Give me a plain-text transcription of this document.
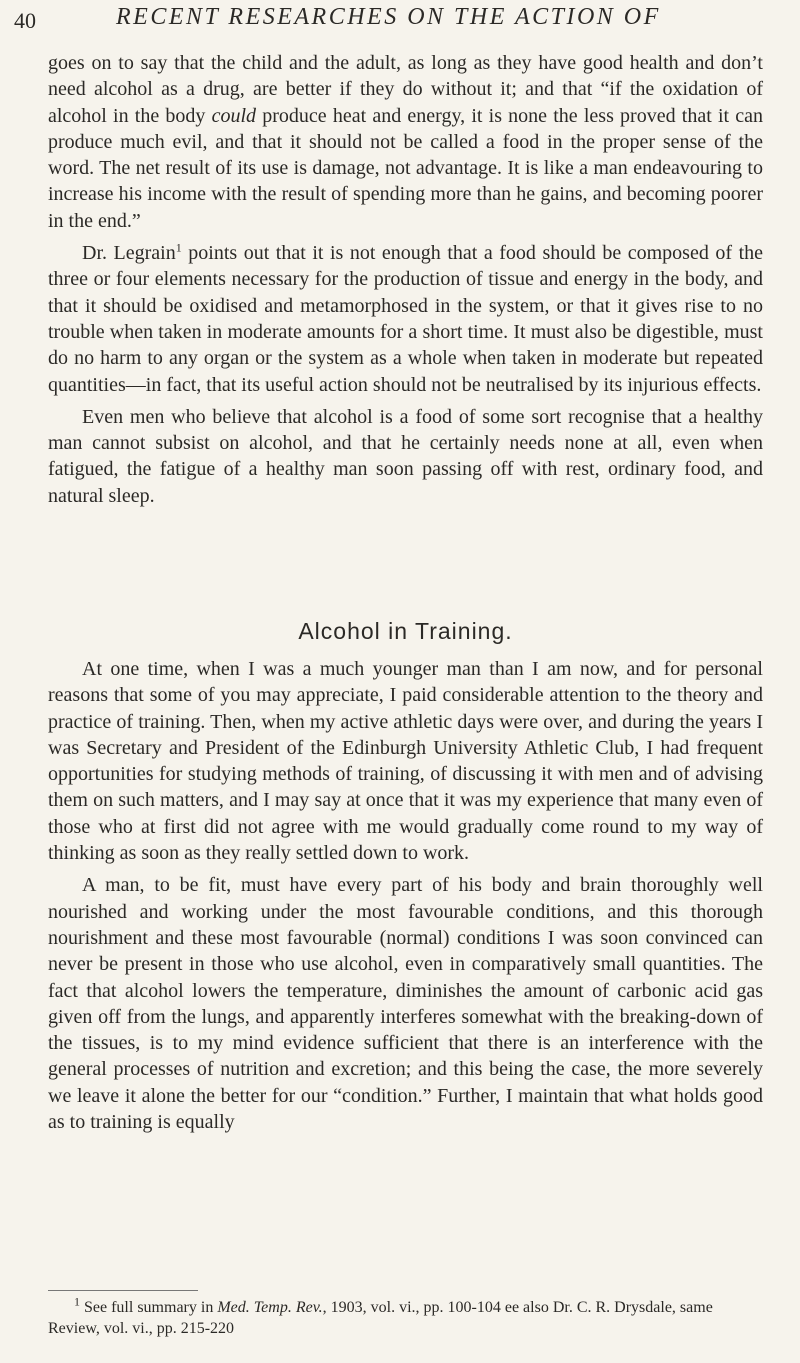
40	RECENT RESEARCHES ON THE ACTION OF

goes on to say that the child and the adult, as long as they have good health and don’t need alcohol as a drug, are better if they do without it; and that “if the oxidation of alcohol in the body could produce heat and energy, it is none the less proved that it can produce much evil, and that it should not be called a food in the proper sense of the word. The net result of its use is damage, not advantage. It is like a man endeavouring to increase his income with the result of spending more than he gains, and becoming poorer in the end.”

Dr. Legrain$^1$ points out that it is not enough that a food should be composed of the three or four elements necessary for the production of tissue and energy in the body, and that it should be oxidised and metamorphosed in the system, or that it gives rise to no trouble when taken in moderate amounts for a short time. It must also be digestible, must do no harm to any organ or the system as a whole when taken in moderate but repeated quantities—in fact, that its useful action should not be neutralised by its injurious effects.

Even men who believe that alcohol is a food of some sort recognise that a healthy man cannot subsist on alcohol, and that he certainly needs none at all, even when fatigued, the fatigue of a healthy man soon passing off with rest, ordinary food, and natural sleep.

Alcohol in Training.

At one time, when I was a much younger man than I am now, and for personal reasons that some of you may appreciate, I paid considerable attention to the theory and practice of training. Then, when my active athletic days were over, and during the years I was Secretary and President of the Edinburgh University Athletic Club, I had frequent opportunities for studying methods of training, of discussing it with men and of advising them on such matters, and I may say at once that it was my experience that many even of those who at first did not agree with me would gradually come round to my way of thinking as soon as they really settled down to work.

A man, to be fit, must have every part of his body and brain thoroughly well nourished and working under the most favourable conditions, and this thorough nourishment and these most favourable (normal) conditions I was soon convinced can never be present in those who use alcohol, even in comparatively small quantities. The fact that alcohol lowers the temperature, diminishes the amount of carbonic acid gas given off from the lungs, and apparently interferes somewhat with the breaking-down of the tissues, is to my mind evidence sufficient that there is an interference with the general processes of nutrition and excretion; and this being the case, the more severely we leave it alone the better for our “condition.” Further, I maintain that what holds good as to training is equally

$^1$ See full summary in Med. Temp. Rev., 1903, vol. vi., pp. 100-104 ee also Dr. C. R. Drysdale, same Review, vol. vi., pp. 215-220
